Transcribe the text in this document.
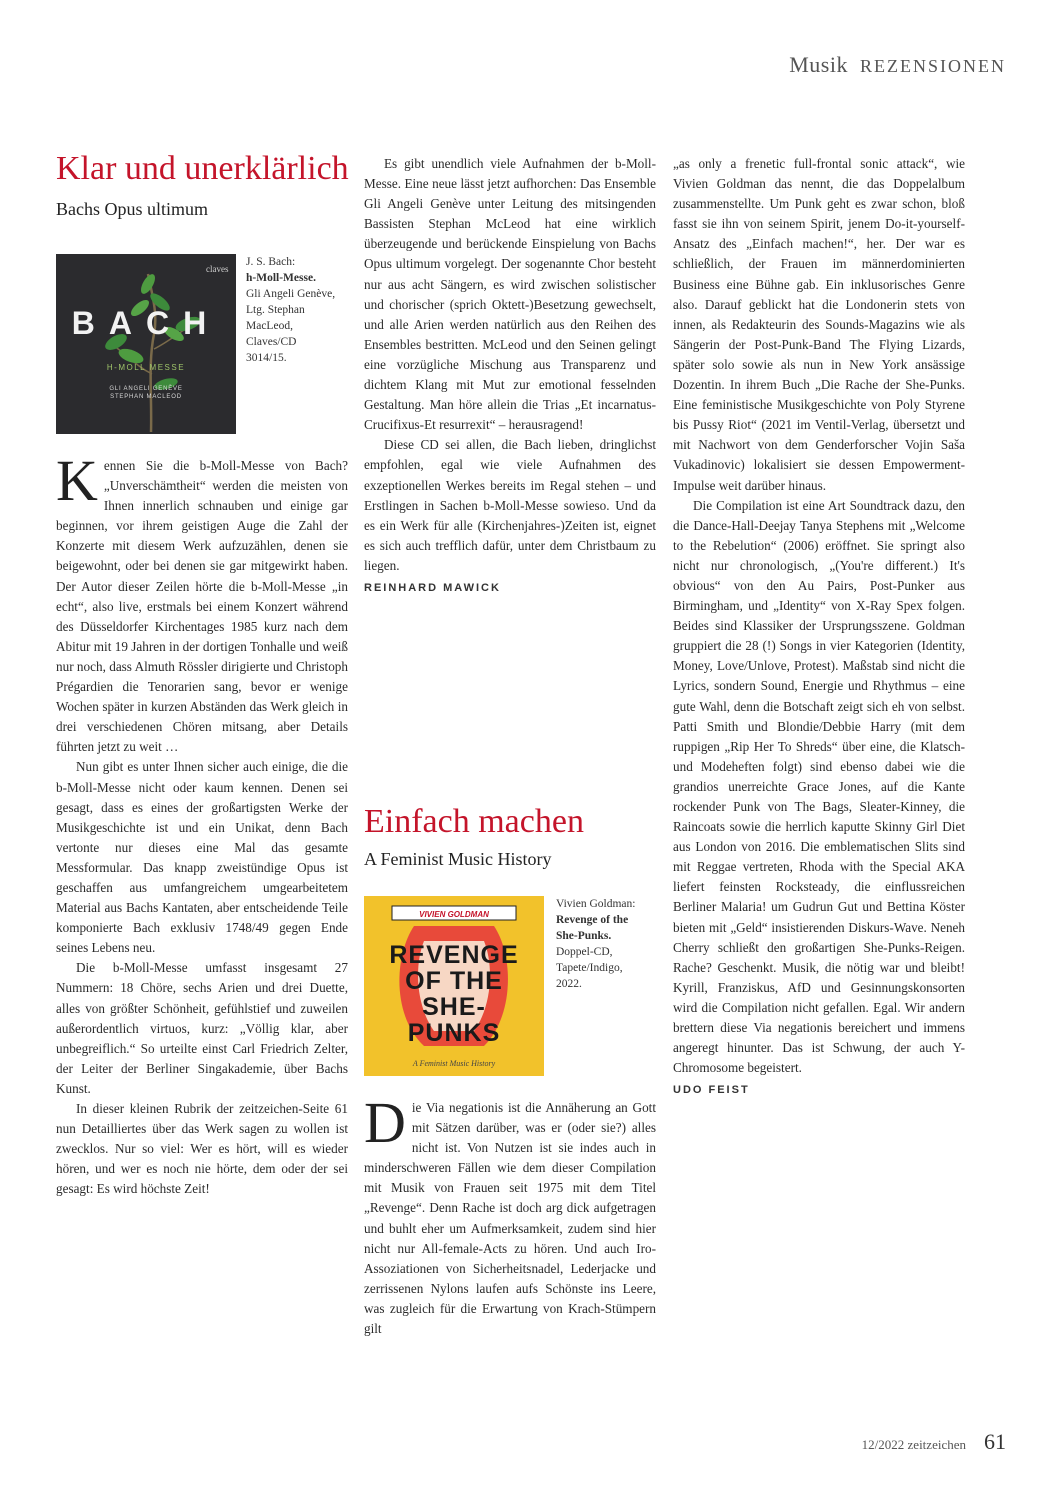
Musik REZENSIONEN
Klar und unerklärlich
Bachs Opus ultimum
claves
BACH
H-MOLL MESSE
GLI ANGELI GENÈVE
STEPHAN MACLEOD
J. S. Bach:
h-Moll-Messe.
Gli Angeli Genève, Ltg. Stephan MacLeod, Claves/CD 3014/15.

Kennen Sie die b-Moll-Messe von Bach? „Unverschämtheit“ werden die meisten von Ihnen innerlich schnauben und einige gar beginnen, vor ihrem geistigen Auge die Zahl der Konzerte mit diesem Werk aufzuzählen, denen sie beigewohnt, oder bei denen sie gar mitgewirkt haben. Der Autor dieser Zeilen hörte die b-Moll-Messe „in echt“, also live, erstmals bei einem Konzert während des Düsseldorfer Kirchentages 1985 kurz nach dem Abitur mit 19 Jahren in der dortigen Tonhalle und weiß nur noch, dass Almuth Rössler dirigierte und Christoph Prégardien die Tenorarien sang, bevor er wenige Wochen später in kurzen Abständen das Werk gleich in drei verschiedenen Chören mitsang, aber Details führten jetzt zu weit …

Nun gibt es unter Ihnen sicher auch einige, die die b-Moll-Messe nicht oder kaum kennen. Denen sei gesagt, dass es eines der großartigsten Werke der Musikgeschichte ist und ein Unikat, denn Bach vertonte nur dieses eine Mal das gesamte Messformular. Das knapp zweistündige Opus ist geschaffen aus umfangreichem umgearbeitetem Material aus Bachs Kantaten, aber entscheidende Teile komponierte Bach exklusiv 1748/49 gegen Ende seines Lebens neu.

Die b-Moll-Messe umfasst insgesamt 27 Nummern: 18 Chöre, sechs Arien und drei Duette, alles von größter Schönheit, gefühlstief und zuweilen außerordentlich virtuos, kurz: „Völlig klar, aber unbegreiflich.“ So urteilte einst Carl Friedrich Zelter, der Leiter der Berliner Singakademie, über Bachs Kunst.

In dieser kleinen Rubrik der zeitzeichen-Seite 61 nun Detailliertes über das Werk sagen zu wollen ist zwecklos. Nur so viel: Wer es hört, will es wieder hören, und wer es noch nie hörte, dem oder der sei gesagt: Es wird höchste Zeit!

Es gibt unendlich viele Aufnahmen der b-Moll-Messe. Eine neue lässt jetzt aufhorchen: Das Ensemble Gli Angeli Genève unter Leitung des mitsingenden Bassisten Stephan McLeod hat eine wirklich überzeugende und berückende Einspielung von Bachs Opus ultimum vorgelegt. Der sogenannte Chor besteht nur aus acht Sängern, es wird zwischen solistischer und chorischer (sprich Oktett-)Besetzung gewechselt, und alle Arien werden natürlich aus den Reihen des Ensembles bestritten. McLeod und den Seinen gelingt eine vorzügliche Mischung aus Transparenz und dichtem Klang mit Mut zur emotional fesselnden Gestaltung. Man höre allein die Trias „Et incarnatus-Crucifixus-Et resurrexit“ – herausragend!

Diese CD sei allen, die Bach lieben, dringlichst empfohlen, egal wie viele Aufnahmen des exzeptionellen Werkes bereits im Regal stehen – und Erstlingen in Sachen b-Moll-Messe sowieso. Und da es ein Werk für alle (Kirchenjahres-)Zeiten ist, eignet es sich auch trefflich dafür, unter dem Christbaum zu liegen.

REINHARD MAWICK
Einfach machen
A Feminist Music History
VIVIEN GOLDMAN
REVENGE OF THE SHE-PUNKS
A Feminist Music History
Vivien Goldman:
Revenge of the She-Punks.
Doppel-CD, Tapete/Indigo, 2022.

Die Via negationis ist die Annäherung an Gott mit Sätzen darüber, was er (oder sie?) alles nicht ist. Von Nutzen ist sie indes auch in minderschweren Fällen wie dem dieser Compilation mit Musik von Frauen seit 1975 mit dem Titel „Revenge“. Denn Rache ist doch arg dick aufgetragen und buhlt eher um Aufmerksamkeit, zudem sind hier nicht nur All-female-Acts zu hören. Und auch Iro-Assoziationen von Sicherheitsnadel, Lederjacke und zerrissenen Nylons laufen aufs Schönste ins Leere, was zugleich für die Erwartung von Krach-Stümpern gilt

„as only a frenetic full-frontal sonic attack“, wie Vivien Goldman das nennt, die das Doppelalbum zusammenstellte. Um Punk geht es zwar schon, bloß fasst sie ihn von seinem Spirit, jenem Do-it-yourself-Ansatz des „Einfach machen!“, her. Der war es schließlich, der Frauen im männerdominierten Business eine Bühne gab. Ein inklusorisches Genre also. Darauf geblickt hat die Londonerin stets von innen, als Redakteurin des Sounds-Magazins wie als Sängerin der Post-Punk-Band The Flying Lizards, später solo sowie als nun in New York ansässige Dozentin. In ihrem Buch „Die Rache der She-Punks. Eine feministische Musikgeschichte von Poly Styrene bis Pussy Riot“ (2021 im Ventil-Verlag, übersetzt und mit Nachwort von dem Genderforscher Vojin Saša Vukadinovic) lokalisiert sie dessen Empowerment-Impulse weit darüber hinaus.

Die Compilation ist eine Art Soundtrack dazu, den die Dance-Hall-Deejay Tanya Stephens mit „Welcome to the Rebelution“ (2006) eröffnet. Sie springt also nicht nur chronologisch, „(You're different.) It's obvious“ von den Au Pairs, Post-Punker aus Birmingham, und „Identity“ von X-Ray Spex folgen. Beides sind Klassiker der Ursprungsszene. Goldman gruppiert die 28 (!) Songs in vier Kategorien (Identity, Money, Love/Unlove, Protest). Maßstab sind nicht die Lyrics, sondern Sound, Energie und Rhythmus – eine gute Wahl, denn die Botschaft zeigt sich eh von selbst. Patti Smith und Blondie/Debbie Harry (mit dem ruppigen „Rip Her To Shreds“ über eine, die Klatsch- und Modeheften folgt) sind ebenso dabei wie die grandios unerreichte Grace Jones, auf die Kante rockender Punk von The Bags, Sleater-Kinney, die Raincoats sowie die herrlich kaputte Skinny Girl Diet aus London von 2016. Die emblematischen Slits sind mit Reggae vertreten, Rhoda with the Special AKA liefert feinsten Rocksteady, die einflussreichen Berliner Malaria! um Gudrun Gut und Bettina Köster bieten mit „Geld“ insistierenden Diskurs-Wave. Neneh Cherry schließt den großartigen She-Punks-Reigen. Rache? Geschenkt. Musik, die nötig war und bleibt! Kyrill, Franziskus, AfD und Gesinnungskonsorten wird die Compilation nicht gefallen. Egal. Wir andern brettern diese Via negationis bereichert und immens angeregt hinunter. Das ist Schwung, der auch Y-Chromosome begeistert.

UDO FEIST
12/2022 zeitzeichen 61
